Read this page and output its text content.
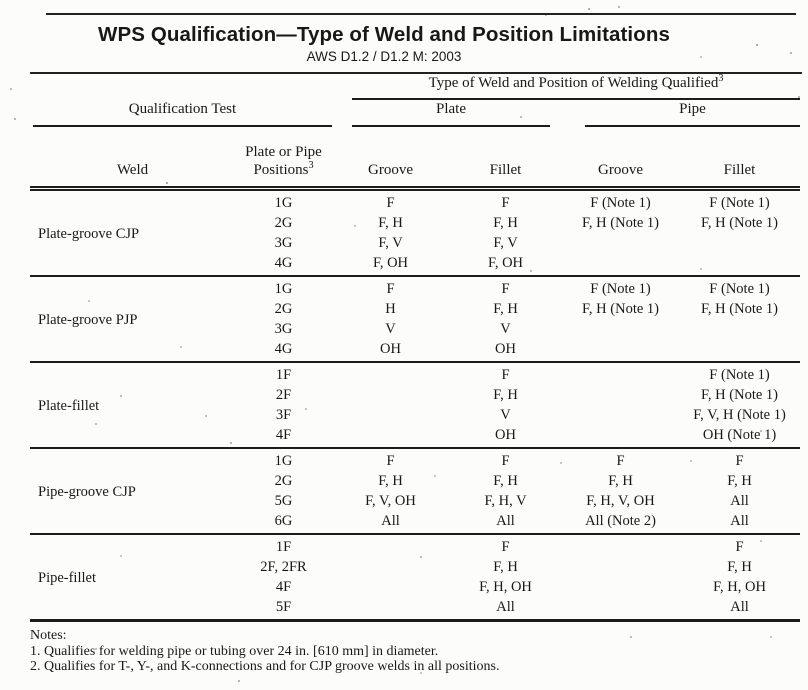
WPS Qualification—Type of Weld and Position Limitations
AWS D1.2 / D1.2 M: 2003

		Type of Weld and Position of Welding Qualified$^3$

Qualification Test		Plate		Pipe	

Weld	Plate or Pipe Positions$^3$	Groove	Fillet	Groove	Fillet
Plate-groove CJP	1G	F	F	F (Note 1)	F (Note 1)
	2G	F, H	F, H	F, H (Note 1)	F, H (Note 1)
	3G	F, V	F, V		
	4G	F, OH	F, OH		
Plate-groove PJP	1G	F	F	F (Note 1)	F (Note 1)
	2G	H	F, H	F, H (Note 1)	F, H (Note 1)
	3G	V	V		
	4G	OH	OH		
Plate-fillet	1F		F		F (Note 1)
	2F		F, H		F, H (Note 1)
	3F		V		F, V, H (Note 1)
	4F		OH		OH (Note 1)
Pipe-groove CJP	1G	F	F	F	F
	2G	F, H	F, H	F, H	F, H
	5G	F, V, OH	F, H, V	F, H, V, OH	All
	6G	All	All	All (Note 2)	All
Pipe-fillet	1F		F		F
	2F, 2FR		F, H		F, H
	4F		F, H, OH		F, H, OH
	5F		All		All
Notes:
1. Qualifies for welding pipe or tubing over 24 in. [610 mm] in diameter.
2. Qualifies for T-, Y-, and K-connections and for CJP groove welds in all positions.
